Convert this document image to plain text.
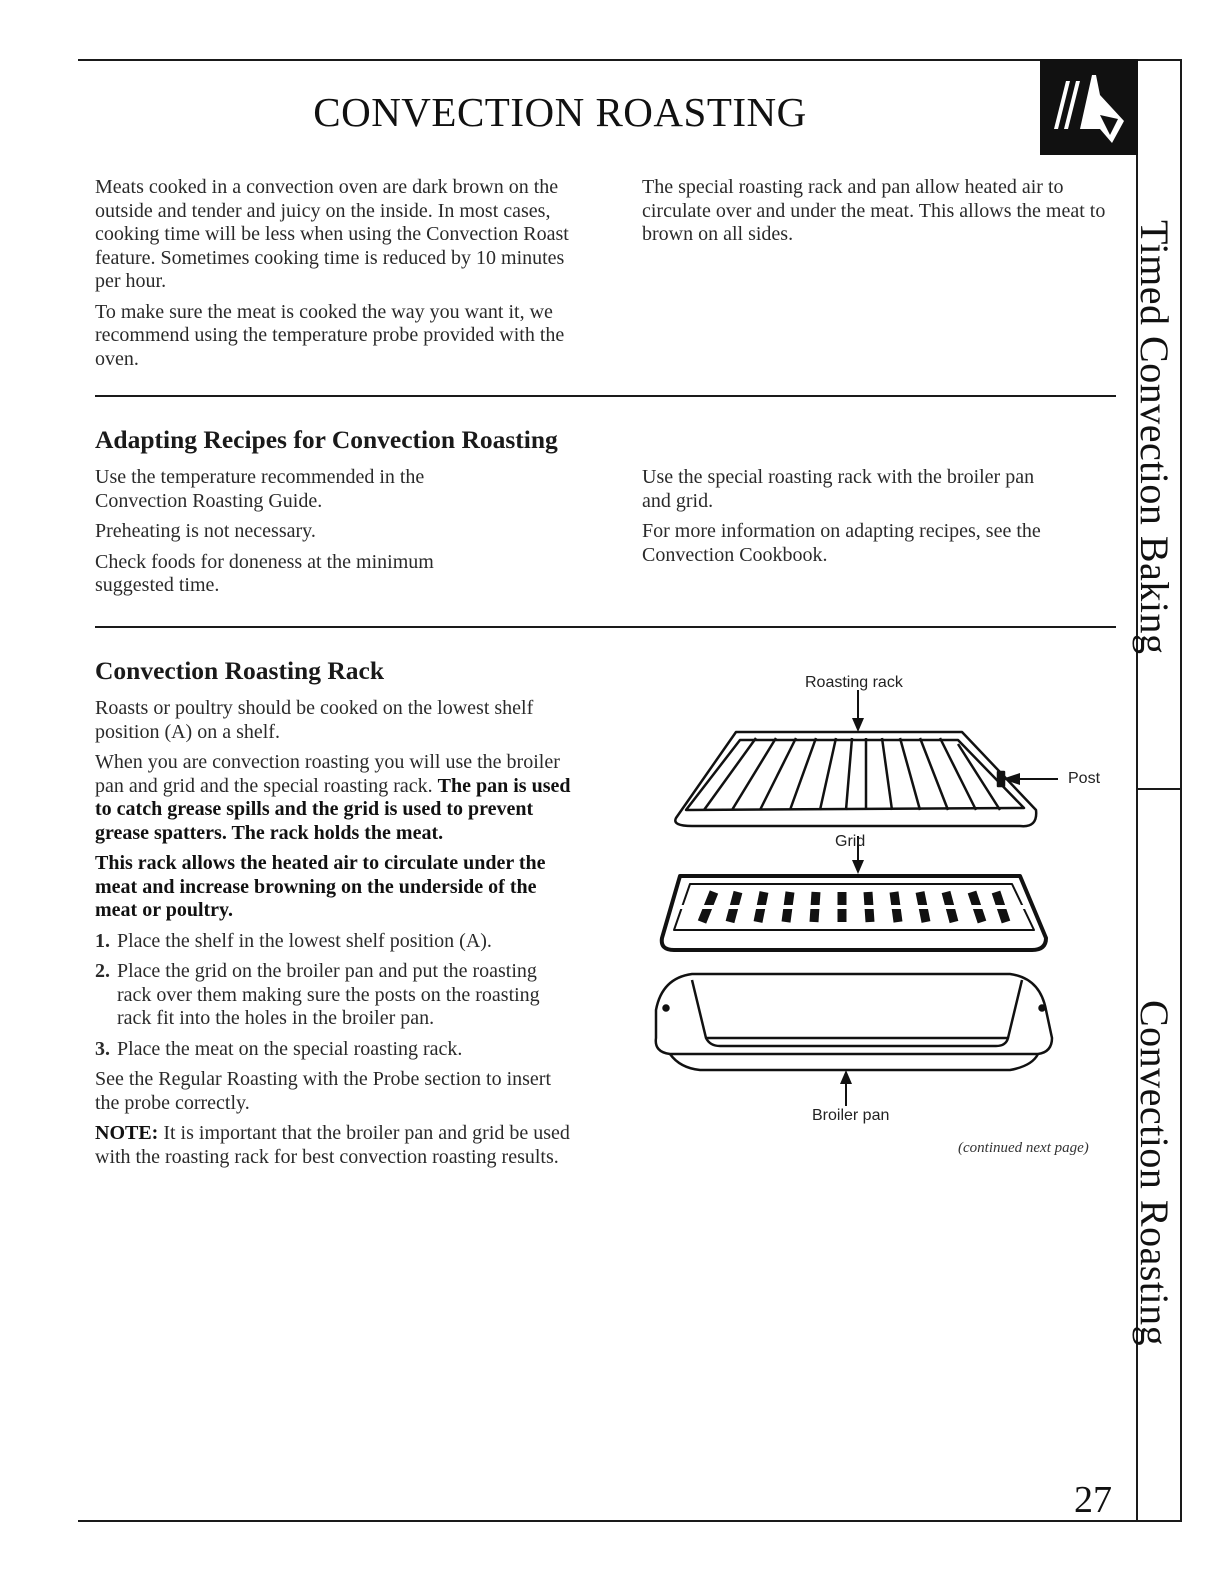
CONVECTION ROASTING

Meats cooked in a convection oven are dark brown on the outside and tender and juicy on the inside. In most cases, cooking time will be less when using the Convection Roast feature. Sometimes cooking time is reduced by 10 minutes per hour.

To make sure the meat is cooked the way you want it, we recommend using the temperature probe provided with the oven.

The special roasting rack and pan allow heated air to circulate over and under the meat. This allows the meat to brown on all sides.

Adapting Recipes for Convection Roasting

Use the temperature recommended in the Convection Roasting Guide.

Preheating is not necessary.

Check foods for doneness at the minimum suggested time.

Use the special roasting rack with the broiler pan and grid.

For more information on adapting recipes, see the Convection Cookbook.

Convection Roasting Rack

Roasts or poultry should be cooked on the lowest shelf position (A) on a shelf.

When you are convection roasting you will use the broiler pan and grid and the special roasting rack. The pan is used to catch grease spills and the grid is used to prevent grease spatters. The rack holds the meat.

This rack allows the heated air to circulate under the meat and increase browning on the underside of the meat or poultry.

1. Place the shelf in the lowest shelf position (A).
2. Place the grid on the broiler pan and put the roasting rack over them making sure the posts on the roasting rack fit into the holes in the broiler pan.
3. Place the meat on the special roasting rack.

See the Regular Roasting with the Probe section to insert the probe correctly.

NOTE: It is important that the broiler pan and grid be used with the roasting rack for best convection roasting results.

Roasting rack
Post
Grid
Broiler pan
(continued next page)
Timed Convection Baking
Convection Roasting
27
